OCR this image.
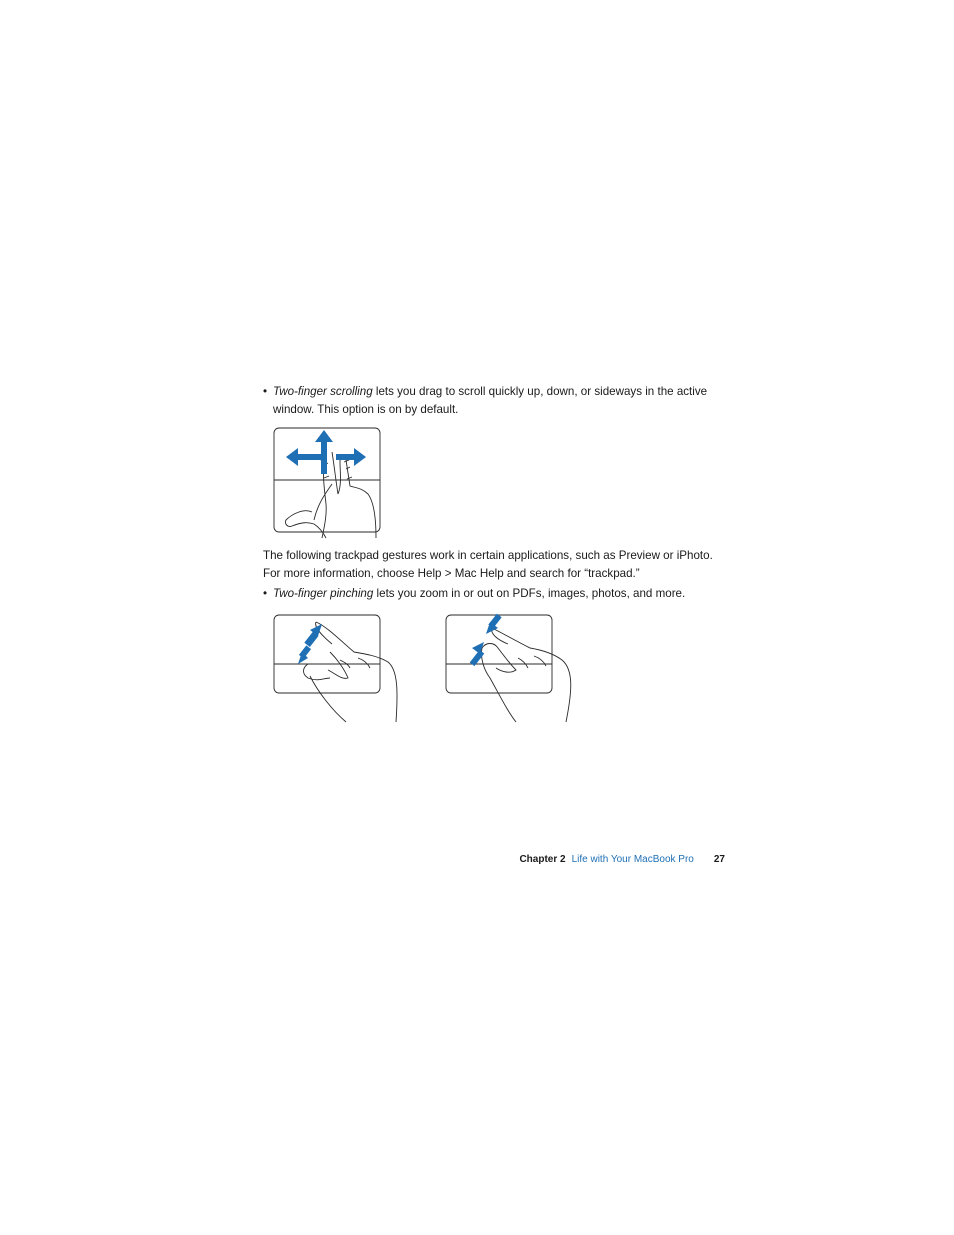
• Two-finger scrolling lets you drag to scroll quickly up, down, or sideways in the active window. This option is on by default.

The following trackpad gestures work in certain applications, such as Preview or iPhoto.
For more information, choose Help > Mac Help and search for “trackpad.”

• Two-finger pinching lets you zoom in or out on PDFs, images, photos, and more.
Chapter 2 Life with Your MacBook Pro 27
